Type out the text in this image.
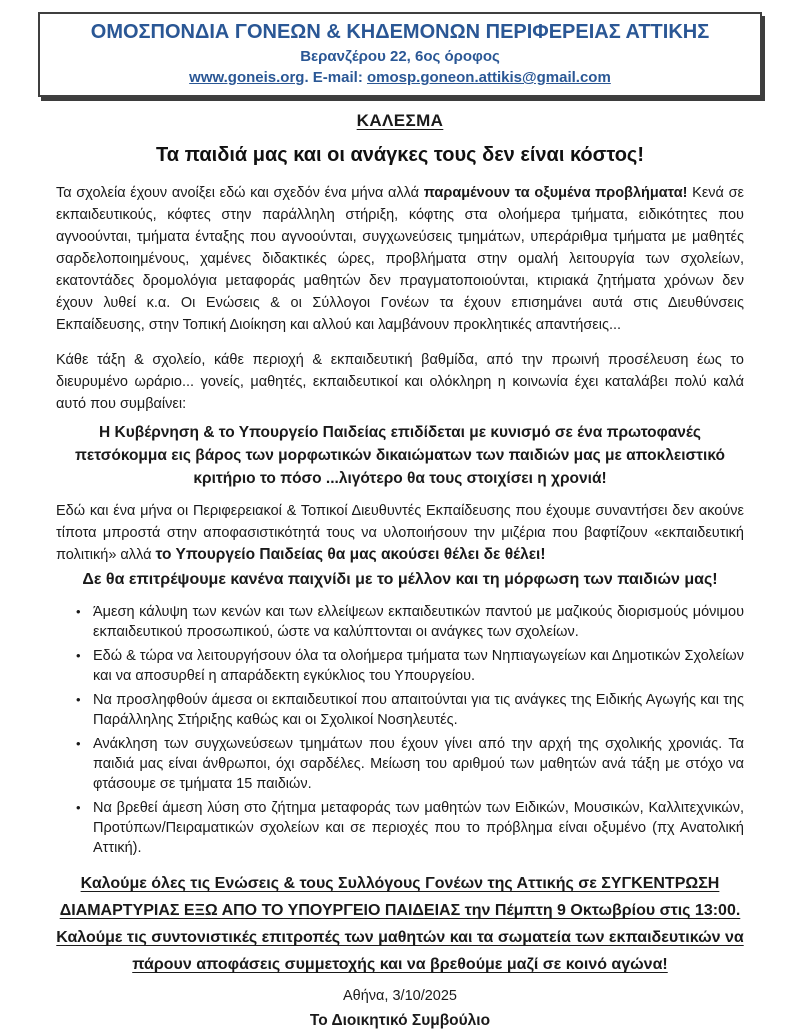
ΟΜΟΣΠΟΝΔΙΑ ΓΟΝΕΩΝ & ΚΗΔΕΜΟΝΩΝ ΠΕΡΙΦΕΡΕΙΑΣ ΑΤΤΙΚΗΣ
Βερανζέρου 22, 6ος όροφος
www.goneis.org. E-mail: omosp.goneon.attikis@gmail.com
ΚΑΛΕΣΜΑ
Τα παιδιά μας και οι ανάγκες τους δεν είναι κόστος!

Τα σχολεία έχουν ανοίξει εδώ και σχεδόν ένα μήνα αλλά παραμένουν τα οξυμένα προβλήματα! Κενά σε εκπαιδευτικούς, κόφτες στην παράλληλη στήριξη, κόφτης στα ολοήμερα τμήματα, ειδικότητες που αγνοούνται, τμήματα ένταξης που αγνοούνται, συγχωνεύσεις τμημάτων, υπεράριθμα τμήματα με μαθητές σαρδελοποιημένους, χαμένες διδακτικές ώρες, προβλήματα στην ομαλή λειτουργία των σχολείων, εκατοντάδες δρομολόγια μεταφοράς μαθητών δεν πραγματοποιούνται, κτιριακά ζητήματα χρόνων δεν έχουν λυθεί κ.α. Οι Ενώσεις & οι Σύλλογοι Γονέων τα έχουν επισημάνει αυτά στις Διευθύνσεις Εκπαίδευσης, στην Τοπική Διοίκηση και αλλού και λαμβάνουν προκλητικές απαντήσεις...

Κάθε τάξη & σχολείο, κάθε περιοχή & εκπαιδευτική βαθμίδα, από την πρωινή προσέλευση έως το διευρυμένο ωράριο... γονείς, μαθητές, εκπαιδευτικοί και ολόκληρη η κοινωνία έχει καταλάβει πολύ καλά αυτό που συμβαίνει:

Η Κυβέρνηση & το Υπουργείο Παιδείας επιδίδεται με κυνισμό σε ένα πρωτοφανές πετσόκομμα εις βάρος των μορφωτικών δικαιώματων των παιδιών μας με αποκλειστικό κριτήριο το πόσο ...λιγότερο θα τους στοιχίσει η χρονιά!

Εδώ και ένα μήνα οι Περιφερειακοί & Τοπικοί Διευθυντές Εκπαίδευσης που έχουμε συναντήσει δεν ακούνε τίποτα μπροστά στην αποφασιστικότητά τους να υλοποιήσουν την μιζέρια που βαφτίζουν «εκπαιδευτική πολιτική» αλλά το Υπουργείο Παιδείας θα μας ακούσει θέλει δε θέλει!

Δε θα επιτρέψουμε κανένα παιχνίδι με το μέλλον και τη μόρφωση των παιδιών μας!

• Άμεση κάλυψη των κενών και των ελλείψεων εκπαιδευτικών παντού με μαζικούς διορισμούς μόνιμου εκπαιδευτικού προσωπικού, ώστε να καλύπτονται οι ανάγκες των σχολείων.
• Εδώ & τώρα να λειτουργήσουν όλα τα ολοήμερα τμήματα των Νηπιαγωγείων και Δημοτικών Σχολείων και να αποσυρθεί η απαράδεκτη εγκύκλιος του Υπουργείου.
• Να προσληφθούν άμεσα οι εκπαιδευτικοί που απαιτούνται για τις ανάγκες της Ειδικής Αγωγής και της Παράλληλης Στήριξης καθώς και οι Σχολικοί Νοσηλευτές.
• Ανάκληση των συγχωνεύσεων τμημάτων που έχουν γίνει από την αρχή της σχολικής χρονιάς. Τα παιδιά μας είναι άνθρωποι, όχι σαρδέλες. Μείωση του αριθμού των μαθητών ανά τάξη με στόχο να φτάσουμε σε τμήματα 15 παιδιών.
• Να βρεθεί άμεση λύση στο ζήτημα μεταφοράς των μαθητών των Ειδικών, Μουσικών, Καλλιτεχνικών, Προτύπων/Πειραματικών σχολείων και σε περιοχές που το πρόβλημα είναι οξυμένο (πχ Ανατολική Αττική).
Καλούμε όλες τις Ενώσεις & τους Συλλόγους Γονέων της Αττικής σε ΣΥΓΚΕΝΤΡΩΣΗ
ΔΙΑΜΑΡΤΥΡΙΑΣ ΕΞΩ ΑΠΟ ΤΟ ΥΠΟΥΡΓΕΙΟ ΠΑΙΔΕΙΑΣ την Πέμπτη 9 Οκτωβρίου στις 13:00.
Καλούμε τις συντονιστικές επιτροπές των μαθητών και τα σωματεία των εκπαιδευτικών να
πάρουν αποφάσεις συμμετοχής και να βρεθούμε μαζί σε κοινό αγώνα!
Αθήνα, 3/10/2025
Το Διοικητικό Συμβούλιο
